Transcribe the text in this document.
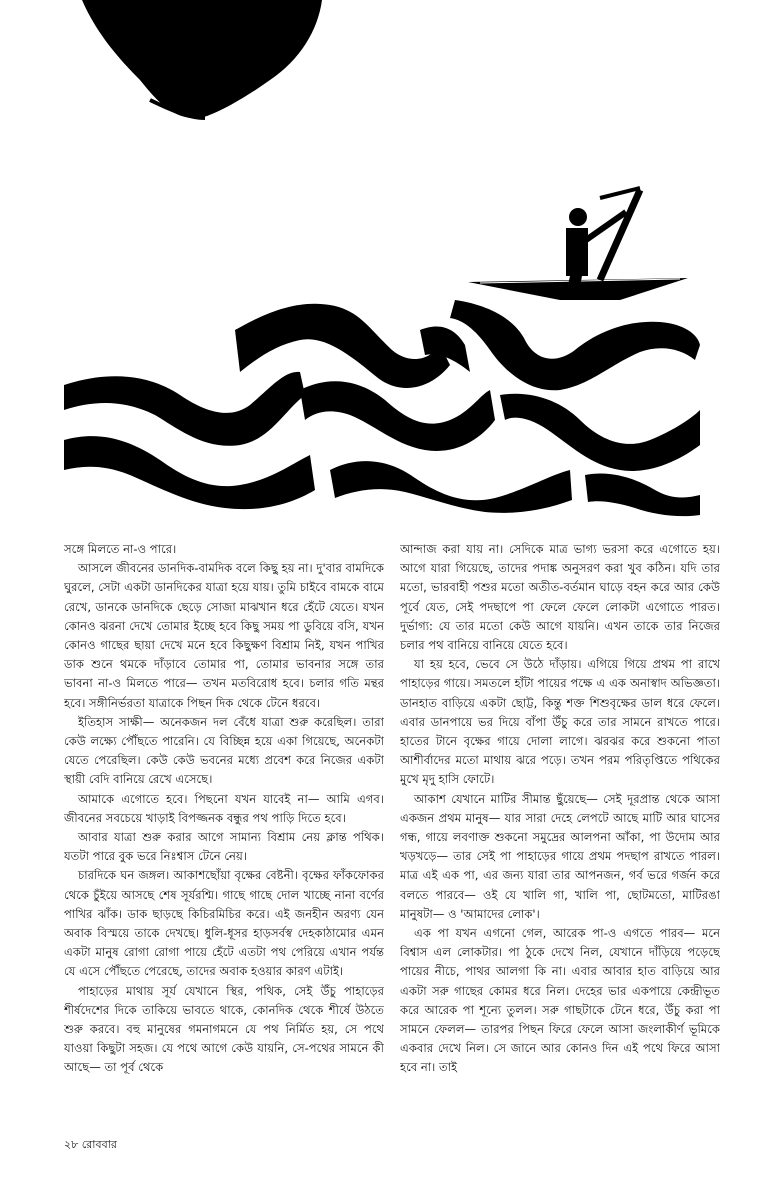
সঙ্গে মিলতে না-ও পারে।

আসলে জীবনের ডানদিক-বামদিক বলে কিছু হয় না। দু'বার বামদিকে ঘুরলে, সেটা একটা ডানদিকের যাত্রা হয়ে যায়। তুমি চাইবে বামকে বামে রেখে, ডানকে ডানদিকে ছেড়ে সোজা মাঝখান ধরে হেঁটে যেতে। যখন কোনও ঝরনা দেখে তোমার ইচ্ছে হবে কিছু সময় পা ডুবিয়ে বসি, যখন কোনও গাছের ছায়া দেখে মনে হবে কিছুক্ষণ বিশ্রাম নিই, যখন পাখির ডাক শুনে থমকে দাঁড়াবে তোমার পা, তোমার ভাবনার সঙ্গে তার ভাবনা না-ও মিলতে পারে— তখন মতবিরোধ হবে। চলার গতি মন্থর হবে। সঙ্গীনির্ভরতা যাত্রাকে পিছন দিক থেকে টেনে ধরবে।

ইতিহাস সাক্ষী— অনেকজন দল বেঁধে যাত্রা শুরু করেছিল। তারা কেউ লক্ষ্যে পৌঁছতে পারেনি। যে বিচ্ছিন্ন হয়ে একা গিয়েছে, অনেকটা যেতে পেরেছিল। কেউ কেউ ভবনের মধ্যে প্রবেশ করে নিজের একটা স্থায়ী বেদি বানিয়ে রেখে এসেছে।

আমাকে এগোতে হবে। পিছনো যখন যাবেই না— আমি এগব। জীবনের সবচেয়ে খাড়াই বিপজ্জনক বন্ধুর পথ পাড়ি দিতে হবে।

আবার যাত্রা শুরু করার আগে সামান্য বিশ্রাম নেয় ক্লান্ত পথিক। যতটা পারে বুক ভরে নিঃশ্বাস টেনে নেয়।

চারদিকে ঘন জঙ্গল। আকাশছোঁয়া বৃক্ষের বেষ্টনী। বৃক্ষের ফাঁকফোকর থেকে চুঁইয়ে আসছে শেষ সূর্যরশ্মি। গাছে গাছে দোল খাচ্ছে নানা বর্ণের পাখির ঝাঁক। ডাক ছাড়ছে কিচিরমিচির করে। এই জনহীন অরণ্য যেন অবাক বিস্ময়ে তাকে দেখছে। ধুলি-ধূসর হাড়সর্বস্ব দেহকাঠামোর এমন একটা মানুষ রোগা রোগা পায়ে হেঁটে এতটা পথ পেরিয়ে এখান পর্যন্ত যে এসে পৌঁছতে পেরেছে, তাদের অবাক হওয়ার কারণ এটাই।

পাহাড়ের মাথায় সূর্য যেখানে স্থির, পথিক, সেই উঁচু পাহাড়ের শীর্ষদেশের দিকে তাকিয়ে ভাবতে থাকে, কোনদিক থেকে শীর্ষে উঠতে শুরু করবে। বহু মানুষের গমনাগমনে যে পথ নির্মিত হয়, সে পথে যাওয়া কিছুটা সহজ। যে পথে আগে কেউ যায়নি, সে-পথের সামনে কী আছে— তা পূর্ব থেকে

আন্দাজ করা যায় না। সেদিকে মাত্র ভাগ্য ভরসা করে এগোতে হয়। আগে যারা গিয়েছে, তাদের পদাঙ্ক অনুসরণ করা খুব কঠিন। যদি তার মতো, ভারবাহী পশুর মতো অতীত-বর্তমান ঘাড়ে বহন করে আর কেউ পূর্বে যেত, সেই পদছাপে পা ফেলে ফেলে লোকটা এগোতে পারত। দুর্ভাগ্য: যে তার মতো কেউ আগে যায়নি। এখন তাকে তার নিজের চলার পথ বানিয়ে বানিয়ে যেতে হবে।

যা হয় হবে, ভেবে সে উঠে দাঁড়ায়। এগিয়ে গিয়ে প্রথম পা রাখে পাহাড়ের গায়ে। সমতলে হাঁটা পায়ের পক্ষে এ এক অনাস্বাদ অভিজ্ঞতা। ডানহাত বাড়িয়ে একটা ছোট্ট, কিন্তু শক্ত শিশুবৃক্ষের ডাল ধরে ফেলে। এবার ডানপায়ে ভর দিয়ে বাঁপা উঁচু করে তার সামনে রাখতে পারে। হাতের টানে বৃক্ষের গায়ে দোলা লাগে। ঝরঝর করে শুকনো পাতা আশীর্বাদের মতো মাথায় ঝরে পড়ে। তখন পরম পরিতৃপ্তিতে পথিকের মুখে মৃদু হাসি ফোটে।

আকাশ যেখানে মাটির সীমান্ত ছুঁয়েছে— সেই দূরপ্রান্ত থেকে আসা একজন প্রথম মানুষ— যার সারা দেহে লেপটে আছে মাটি আর ঘাসের গন্ধ, গায়ে লবণাক্ত শুকনো সমুদ্রের আলপনা আঁকা, পা উদোম আর খড়খড়ে— তার সেই পা পাহাড়ের গায়ে প্রথম পদছাপ রাখতে পারল। মাত্র এই এক পা, এর জন্য যারা তার আপনজন, গর্ব ভরে গর্জন করে বলতে পারবে— ওই যে খালি গা, খালি পা, ছোটমতো, মাটিরঙা মানুষটা— ও 'আমাদের লোক'।

এক পা যখন এগনো গেল, আরেক পা-ও এগতে পারব— মনে বিশ্বাস এল লোকটার। পা ঠুকে দেখে নিল, যেখানে দাঁড়িয়ে পড়েছে পায়ের নীচে, পাথর আলগা কি না। এবার আবার হাত বাড়িয়ে আর একটা সরু গাছের কোমর ধরে নিল। দেহের ভার একপায়ে কেন্দ্রীভূত করে আরেক পা শূন্যে তুলল। সরু গাছটাকে টেনে ধরে, উঁচু করা পা সামনে ফেলল— তারপর পিছন ফিরে ফেলে আসা জংলাকীর্ণ ভূমিকে একবার দেখে নিল। সে জানে আর কোনও দিন এই পথে ফিরে আসা হবে না। তাই

২৮ রোববার
